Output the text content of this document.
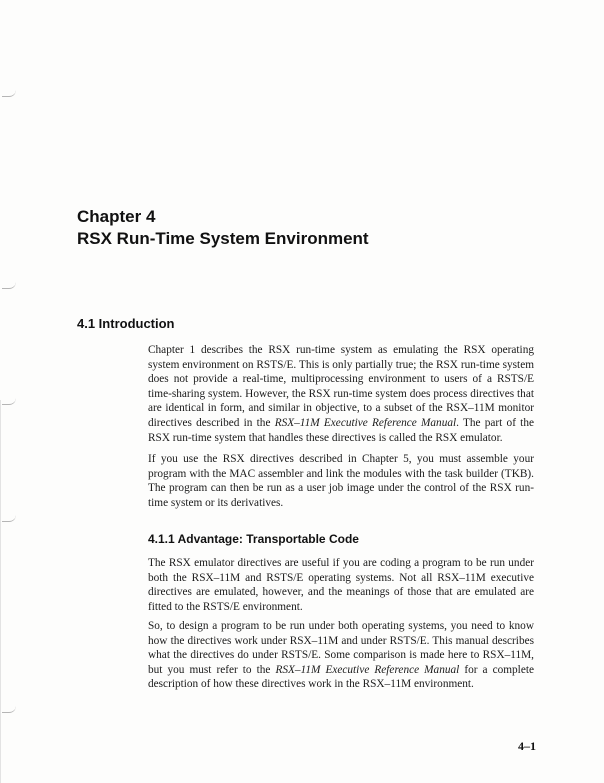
Chapter 4
RSX Run-Time System Environment
4.1 Introduction

Chapter 1 describes the RSX run-time system as emulating the RSX operating system environment on RSTS/E. This is only partially true; the RSX run-time system does not provide a real-time, multiprocessing environment to users of a RSTS/E time-sharing system. However, the RSX run-time system does process directives that are identical in form, and similar in objective, to a subset of the RSX–11M monitor directives described in the RSX–11M Executive Reference Manual. The part of the RSX run-time system that handles these directives is called the RSX emulator.

If you use the RSX directives described in Chapter 5, you must assemble your program with the MAC assembler and link the modules with the task builder (TKB). The program can then be run as a user job image under the control of the RSX run-time system or its derivatives.

4.1.1 Advantage: Transportable Code

The RSX emulator directives are useful if you are coding a program to be run under both the RSX–11M and RSTS/E operating systems. Not all RSX–11M executive directives are emulated, however, and the meanings of those that are emulated are fitted to the RSTS/E environment.

So, to design a program to be run under both operating systems, you need to know how the directives work under RSX–11M and under RSTS/E. This manual describes what the directives do under RSTS/E. Some comparison is made here to RSX–11M, but you must refer to the RSX–11M Executive Reference Manual for a complete description of how these directives work in the RSX–11M environment.

4–1
